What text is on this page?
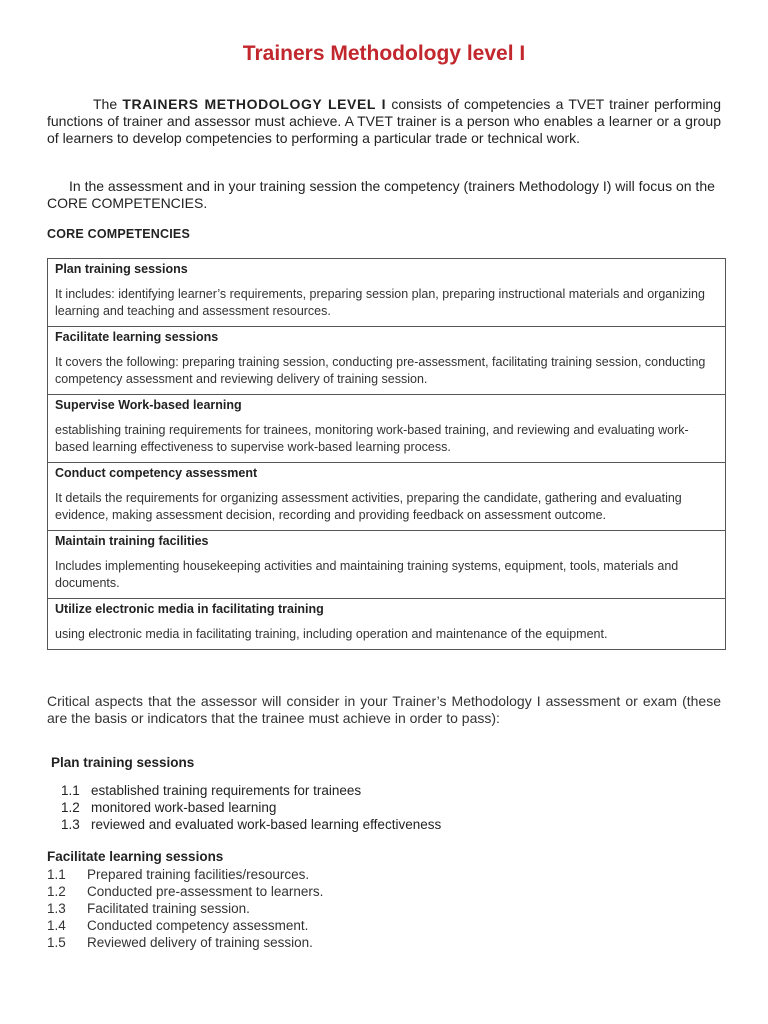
Trainers Methodology level I

The TRAINERS METHODOLOGY LEVEL I consists of competencies a TVET trainer performing functions of trainer and assessor must achieve. A TVET trainer is a person who enables a learner or a group of learners to develop competencies to performing a particular trade or technical work.

In the assessment and in your training session the competency (trainers Methodology I) will focus on the CORE COMPETENCIES.

CORE COMPETENCIES
Plan training sessions
It includes: identifying learner’s requirements, preparing session plan, preparing instructional materials and organizing learning and teaching and assessment resources.

Facilitate learning sessions
It covers the following: preparing training session, conducting pre-assessment, facilitating training session, conducting competency assessment and reviewing delivery of training session.

Supervise Work-based learning
establishing training requirements for trainees, monitoring work-based training, and reviewing and evaluating work-based learning effectiveness to supervise work-based learning process.

Conduct competency assessment
It details the requirements for organizing assessment activities, preparing the candidate, gathering and evaluating evidence, making assessment decision, recording and providing feedback on assessment outcome.

Maintain training facilities
Includes implementing housekeeping activities and maintaining training systems, equipment, tools, materials and documents.

Utilize electronic media in facilitating training
using electronic media in facilitating training, including operation and maintenance of the equipment.

Critical aspects that the assessor will consider in your Trainer’s Methodology I assessment or exam (these are the basis or indicators that the trainee must achieve in order to pass):

Plan training sessions
1.1 established training requirements for trainees
1.2 monitored work-based learning
1.3 reviewed and evaluated work-based learning effectiveness
Facilitate learning sessions
1.1 Prepared training facilities/resources.
1.2 Conducted pre-assessment to learners.
1.3 Facilitated training session.
1.4 Conducted competency assessment.
1.5 Reviewed delivery of training session.
